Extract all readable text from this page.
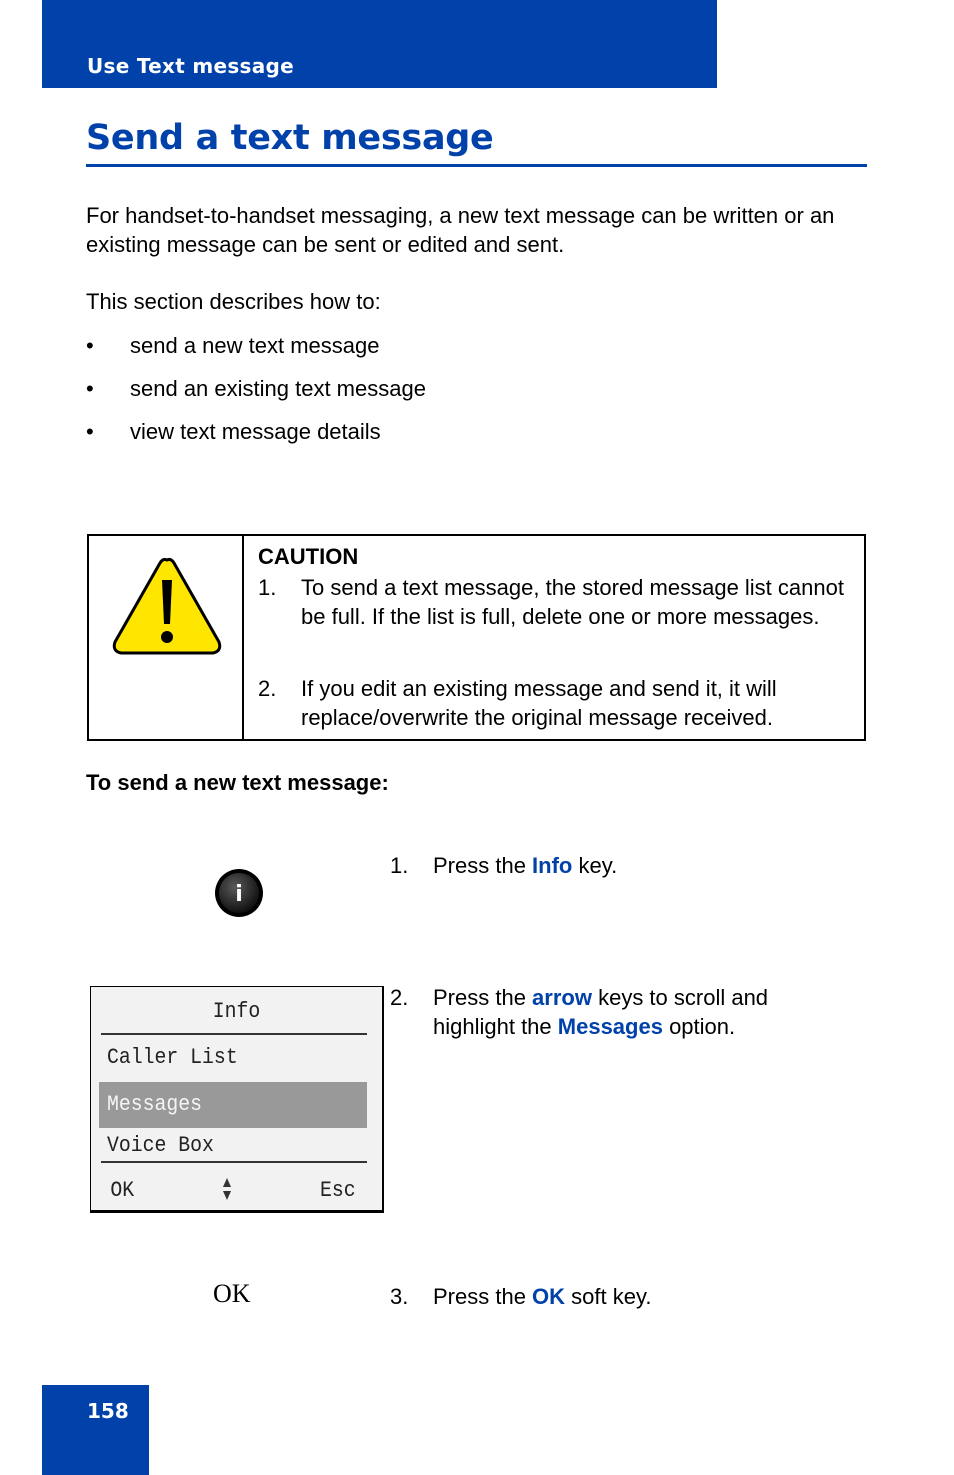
Use Text message
Send a text message

For handset-to-handset messaging, a new text message can be written or an existing message can be sent or edited and sent.

This section describes how to:

• send a new text message
• send an existing text message
• view text message details
CAUTION
1. To send a text message, the stored message list cannot be full. If the list is full, delete one or more messages.
2. If you edit an existing message and send it, it will replace/overwrite the original message received.
To send a new text message:
i
1. Press the Info key.
Info
Caller List
Messages
Voice Box
OK	Esc
2. Press the arrow keys to scroll and highlight the Messages option.
OK	3. Press the OK soft key.
158
